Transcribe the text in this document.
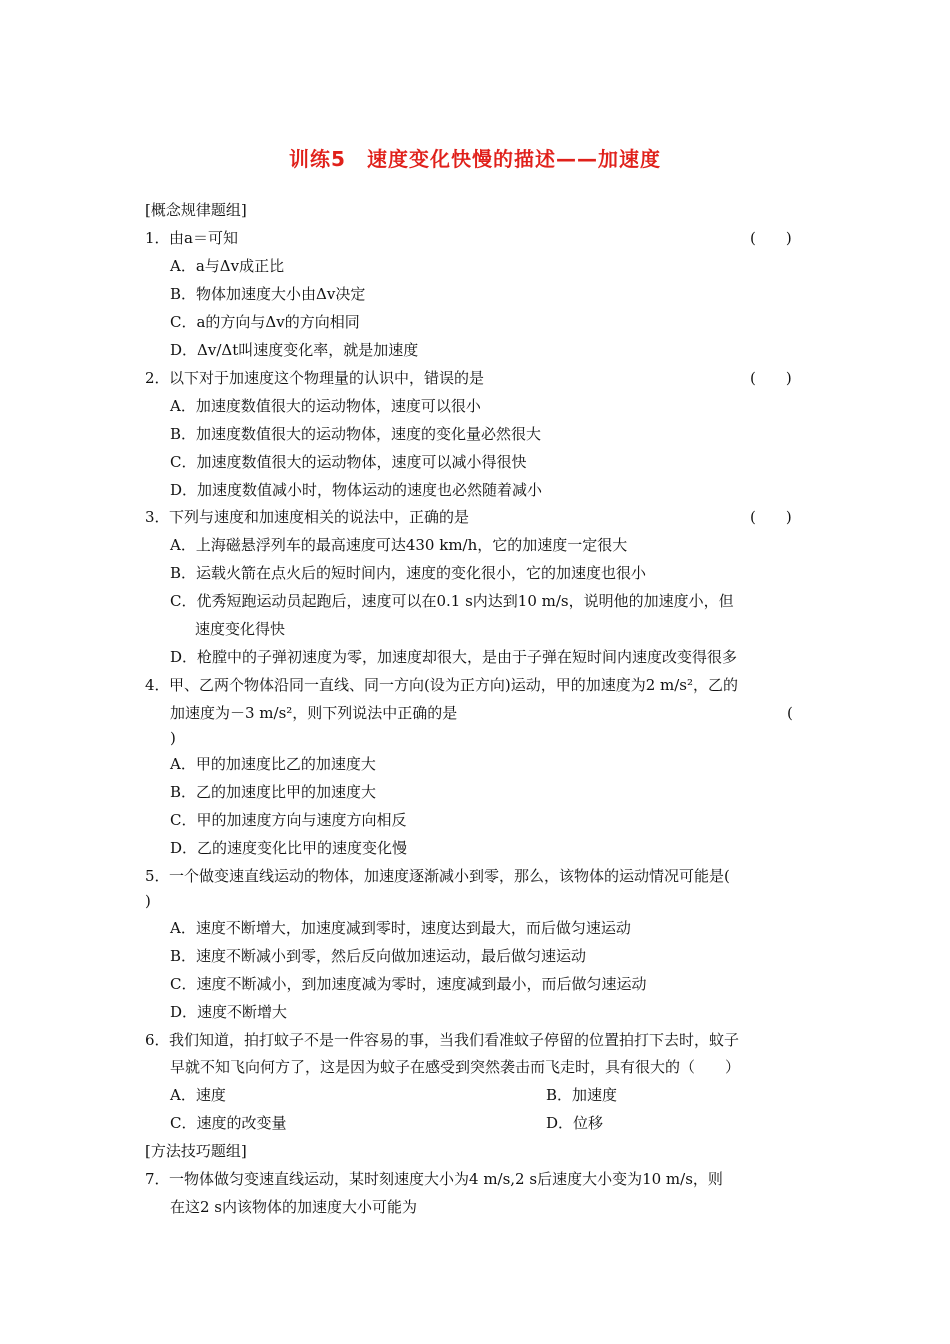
训练5　速度变化快慢的描述——加速度
[概念规律题组]
1．由a＝可知	(　　)
A．a与Δv成正比
B．物体加速度大小由Δv决定
C．a的方向与Δv的方向相同
D．Δv/Δt叫速度变化率，就是加速度
2．以下对于加速度这个物理量的认识中，错误的是	(　　)
A．加速度数值很大的运动物体，速度可以很小
B．加速度数值很大的运动物体，速度的变化量必然很大
C．加速度数值很大的运动物体，速度可以减小得很快
D．加速度数值减小时，物体运动的速度也必然随着减小
3．下列与速度和加速度相关的说法中，正确的是	(　　)
A．上海磁悬浮列车的最高速度可达430 km/h，它的加速度一定很大
B．运载火箭在点火后的短时间内，速度的变化很小，它的加速度也很小
C．优秀短跑运动员起跑后，速度可以在0.1 s内达到10 m/s，说明他的加速度小，但
速度变化得快
D．枪膛中的子弹初速度为零，加速度却很大，是由于子弹在短时间内速度改变得很多
4．甲、乙两个物体沿同一直线、同一方向(设为正方向)运动，甲的加速度为2 m/s²，乙的
加速度为－3 m/s²，则下列说法中正确的是	(
)
A．甲的加速度比乙的加速度大
B．乙的加速度比甲的加速度大
C．甲的加速度方向与速度方向相反
D．乙的速度变化比甲的速度变化慢
5．一个做变速直线运动的物体，加速度逐渐减小到零，那么，该物体的运动情况可能是(
)
A．速度不断增大，加速度减到零时，速度达到最大，而后做匀速运动
B．速度不断减小到零，然后反向做加速运动，最后做匀速运动
C．速度不断减小，到加速度减为零时，速度减到最小，而后做匀速运动
D．速度不断增大
6．我们知道，拍打蚊子不是一件容易的事，当我们看准蚊子停留的位置拍打下去时，蚊子
早就不知飞向何方了，这是因为蚊子在感受到突然袭击而飞走时，具有很大的（　　）
A．速度	B．加速度
C．速度的改变量	D．位移
[方法技巧题组]
7．一物体做匀变速直线运动，某时刻速度大小为4 m/s,2 s后速度大小变为10 m/s，则
在这2 s内该物体的加速度大小可能为
